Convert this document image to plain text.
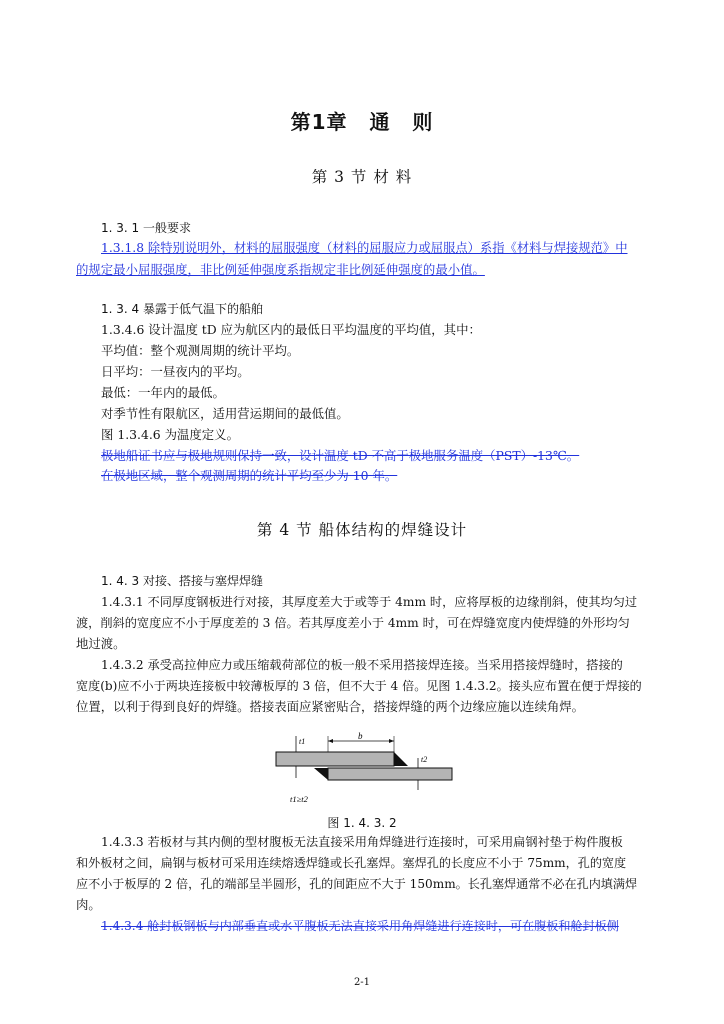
第1章 通 则
第 3 节 材 料
1. 3. 1 一般要求
1.3.1.8 除特别说明外，材料的屈服强度（材料的屈服应力或屈服点）系指《材料与焊接规范》中
的规定最小屈服强度，非比例延伸强度系指规定非比例延伸强度的最小值。
1. 3. 4 暴露于低气温下的船舶
1.3.4.6 设计温度 tD 应为航区内的最低日平均温度的平均值，其中：
平均值：整个观测周期的统计平均。
日平均：一昼夜内的平均。
最低：一年内的最低。
对季节性有限航区，适用营运期间的最低值。
图 1.3.4.6 为温度定义。
极地船证书应与极地规则保持一致，设计温度 tD 不高于极地服务温度（PST）-13℃。
在极地区域，整个观测周期的统计平均至少为 10 年。
第 4 节 船体结构的焊缝设计
1. 4. 3 对接、搭接与塞焊焊缝
1.4.3.1 不同厚度钢板进行对接，其厚度差大于或等于 4mm 时，应将厚板的边缘削斜，使其均匀过
渡，削斜的宽度应不小于厚度差的 3 倍。若其厚度差小于 4mm 时，可在焊缝宽度内使焊缝的外形均匀
地过渡。
1.4.3.2 承受高拉伸应力或压缩载荷部位的板一般不采用搭接焊连接。当采用搭接焊缝时，搭接的
宽度(b)应不小于两块连接板中较薄板厚的 3 倍，但不大于 4 倍。见图 1.4.3.2。接头应布置在便于焊接的
位置，以利于得到良好的焊缝。搭接表面应紧密贴合，搭接焊缝的两个边缘应施以连续角焊。
t1
b
t2
t1≥t2
图 1. 4. 3. 2
1.4.3.3 若板材与其内侧的型材腹板无法直接采用角焊缝进行连接时，可采用扁钢衬垫于构件腹板
和外板材之间，扁钢与板材可采用连续熔透焊缝或长孔塞焊。塞焊孔的长度应不小于 75mm，孔的宽度
应不小于板厚的 2 倍，孔的端部呈半圆形，孔的间距应不大于 150mm。长孔塞焊通常不必在孔内填满焊
肉。
1.4.3.4 舱封板钢板与内部垂直或水平腹板无法直接采用角焊缝进行连接时，可在腹板和舱封板侧
2-1
